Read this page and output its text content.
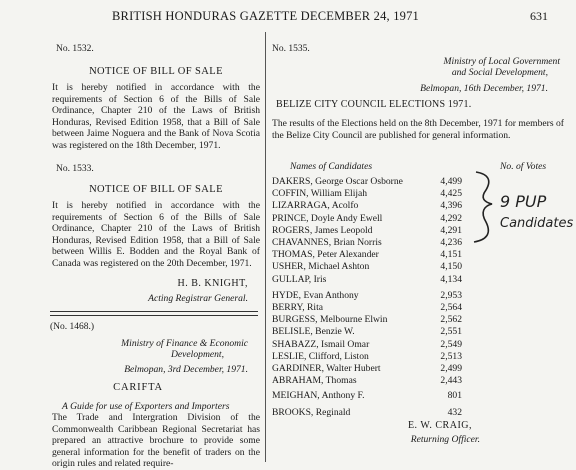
BRITISH HONDURAS GAZETTE DECEMBER 24, 1971	631
No. 1532.
NOTICE OF BILL OF SALE
It is hereby notified in accordance with the requirements of Section 6 of the Bills of Sale Ordinance, Chapter 210 of the Laws of British Honduras, Revised Edition 1958, that a Bill of Sale between Jaime Noguera and the Bank of Nova Scotia was registered on the 18th December, 1971.
No. 1533.
NOTICE OF BILL OF SALE
It is hereby notified in accordance with the requirements of Section 6 of the Bills of Sale Ordinance, Chapter 210 of the Laws of British Honduras, Revised Edition 1958, that a Bill of Sale between Willis E. Bodden and the Royal Bank of Canada was registered on the 20th December, 1971.
H. B. KNIGHT,
Acting Registrar General.
(No. 1468.)
Ministry of Finance & Economic
Development,
Belmopan, 3rd December, 1971.
CARIFTA
A Guide for use of Exporters and Importers
The Trade and Intergration Division of the Commonwealth Caribbean Regional Secretariat has prepared an attractive brochure to provide some general information for the benefit of traders on the origin rules and related require-
No. 1535.
Ministry of Local Government
and Social Development,
Belmopan, 16th December, 1971.
BELIZE CITY COUNCIL ELECTIONS 1971.
The results of the Elections held on the 8th December, 1971 for members of the Belize City Council are published for general information.
Names of Candidates	No. of Votes
DAKERS, George Oscar Osborne	4,499
COFFIN, William Elijah	4,425
LIZARRAGA, Acolfo	4,396
PRINCE, Doyle Andy Ewell	4,292
ROGERS, James Leopold	4,291
CHAVANNES, Brian Norris	4,236
THOMAS, Peter Alexander	4,151
USHER, Michael Ashton	4,150
GULLAP, Iris	4,134
HYDE, Evan Anthony	2,953
BERRY, Rita	2,564
BURGESS, Melbourne Elwin	2,562
BELISLE, Benzie W.	2,551
SHABAZZ, Ismail Omar	2,549
LESLIE, Clifford, Liston	2,513
GARDINER, Walter Hubert	2,499
ABRAHAM, Thomas	2,443
MEIGHAN, Anthony F.	801
BROOKS, Reginald	432
E. W. CRAIG,
Returning Officer.
9 PUP
Candidates
